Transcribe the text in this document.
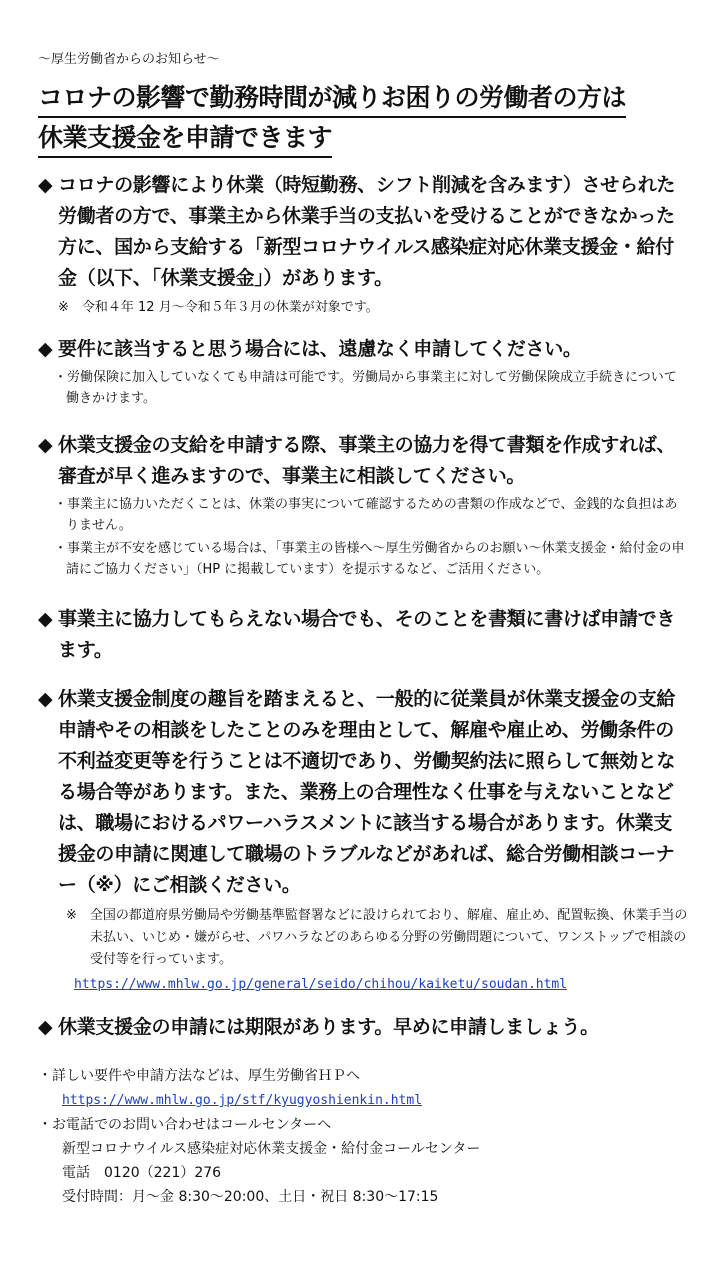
～厚生労働省からのお知らせ～
コロナの影響で勤務時間が減りお困りの労働者の方は
休業支援金を申請できます
◆ コロナの影響により休業（時短勤務、シフト削減を含みます）させられた労働者の方で、事業主から休業手当の支払いを受けることができなかった方に、国から支給する「新型コロナウイルス感染症対応休業支援金・給付金（以下、「休業支援金」）があります。
※　令和４年 12 月～令和５年３月の休業が対象です。
◆ 要件に該当すると思う場合には、遠慮なく申請してください。
・労働保険に加入していなくても申請は可能です。労働局から事業主に対して労働保険成立手続きについて働きかけます。
◆ 休業支援金の支給を申請する際、事業主の協力を得て書類を作成すれば、審査が早く進みますので、事業主に相談してください。
・事業主に協力いただくことは、休業の事実について確認するための書類の作成などで、金銭的な負担はありません。
・事業主が不安を感じている場合は、「事業主の皆様へ～厚生労働省からのお願い～休業支援金・給付金の申請にご協力ください」（HP に掲載しています）を提示するなど、ご活用ください。
◆ 事業主に協力してもらえない場合でも、そのことを書類に書けば申請できます。
◆ 休業支援金制度の趣旨を踏まえると、一般的に従業員が休業支援金の支給申請やその相談をしたことのみを理由として、解雇や雇止め、労働条件の不利益変更等を行うことは不適切であり、労働契約法に照らして無効となる場合等があります。また、業務上の合理性なく仕事を与えないことなどは、職場におけるパワーハラスメントに該当する場合があります。休業支援金の申請に関連して職場のトラブルなどがあれば、総合労働相談コーナー（※）にご相談ください。
※　全国の都道府県労働局や労働基準監督署などに設けられており、解雇、雇止め、配置転換、休業手当の未払い、いじめ・嫌がらせ、パワハラなどのあらゆる分野の労働問題について、ワンストップで相談の受付等を行っています。
https://www.mhlw.go.jp/general/seido/chihou/kaiketu/soudan.html
◆ 休業支援金の申請には期限があります。早めに申請しましょう。
・詳しい要件や申請方法などは、厚生労働省ＨＰへ
https://www.mhlw.go.jp/stf/kyugyoshienkin.html
・お電話でのお問い合わせはコールセンターへ
新型コロナウイルス感染症対応休業支援金・給付金コールセンター
電話　0120（221）276
受付時間：月～金 8:30～20:00、土日・祝日 8:30～17:15
